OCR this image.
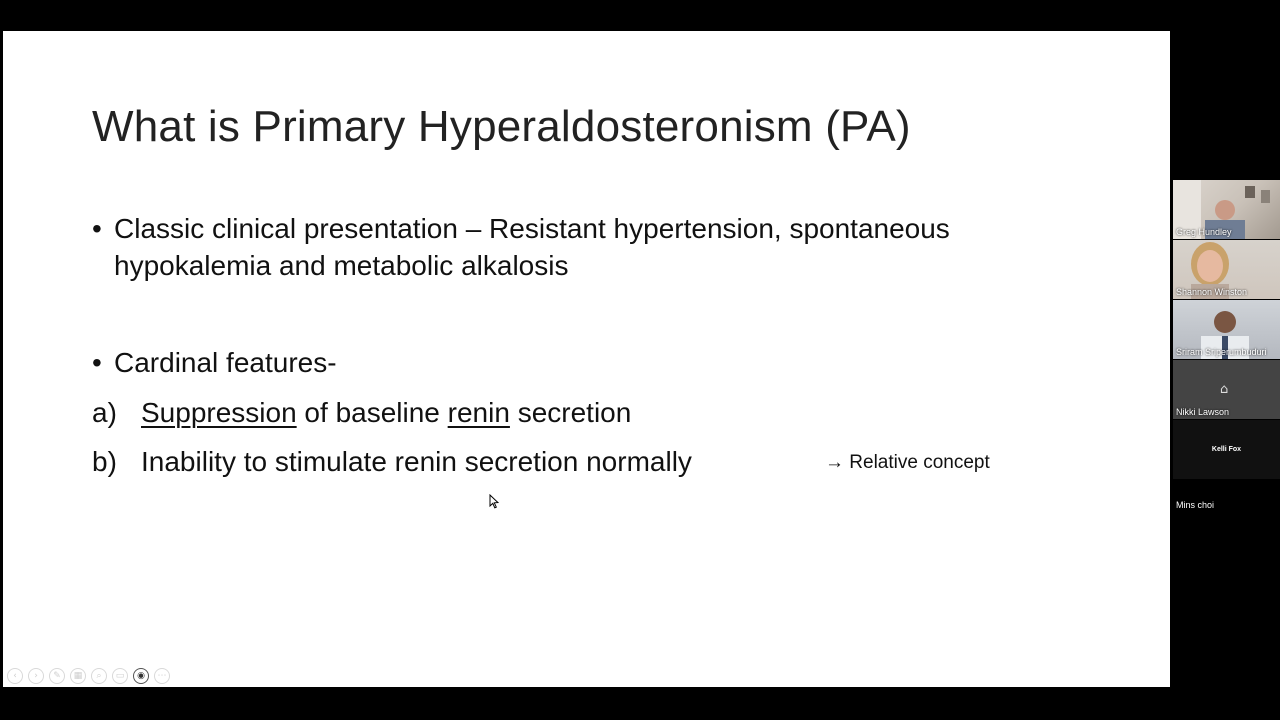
What is Primary Hyperaldosteronism (PA)
• Classic clinical presentation – Resistant hypertension, spontaneous
hypokalemia and metabolic alkalosis
• Cardinal features-
a) Suppression of baseline renin secretion
b) Inability to stimulate renin secretion normally	→ Relative concept
‹	›	✎	▦	⌕	▭	◉	⋯
Greg Hundley
Shannon Winston
Sriram Sriperumbuduri
⌂
Nikki Lawson
Kelli Fox
Mins choi
